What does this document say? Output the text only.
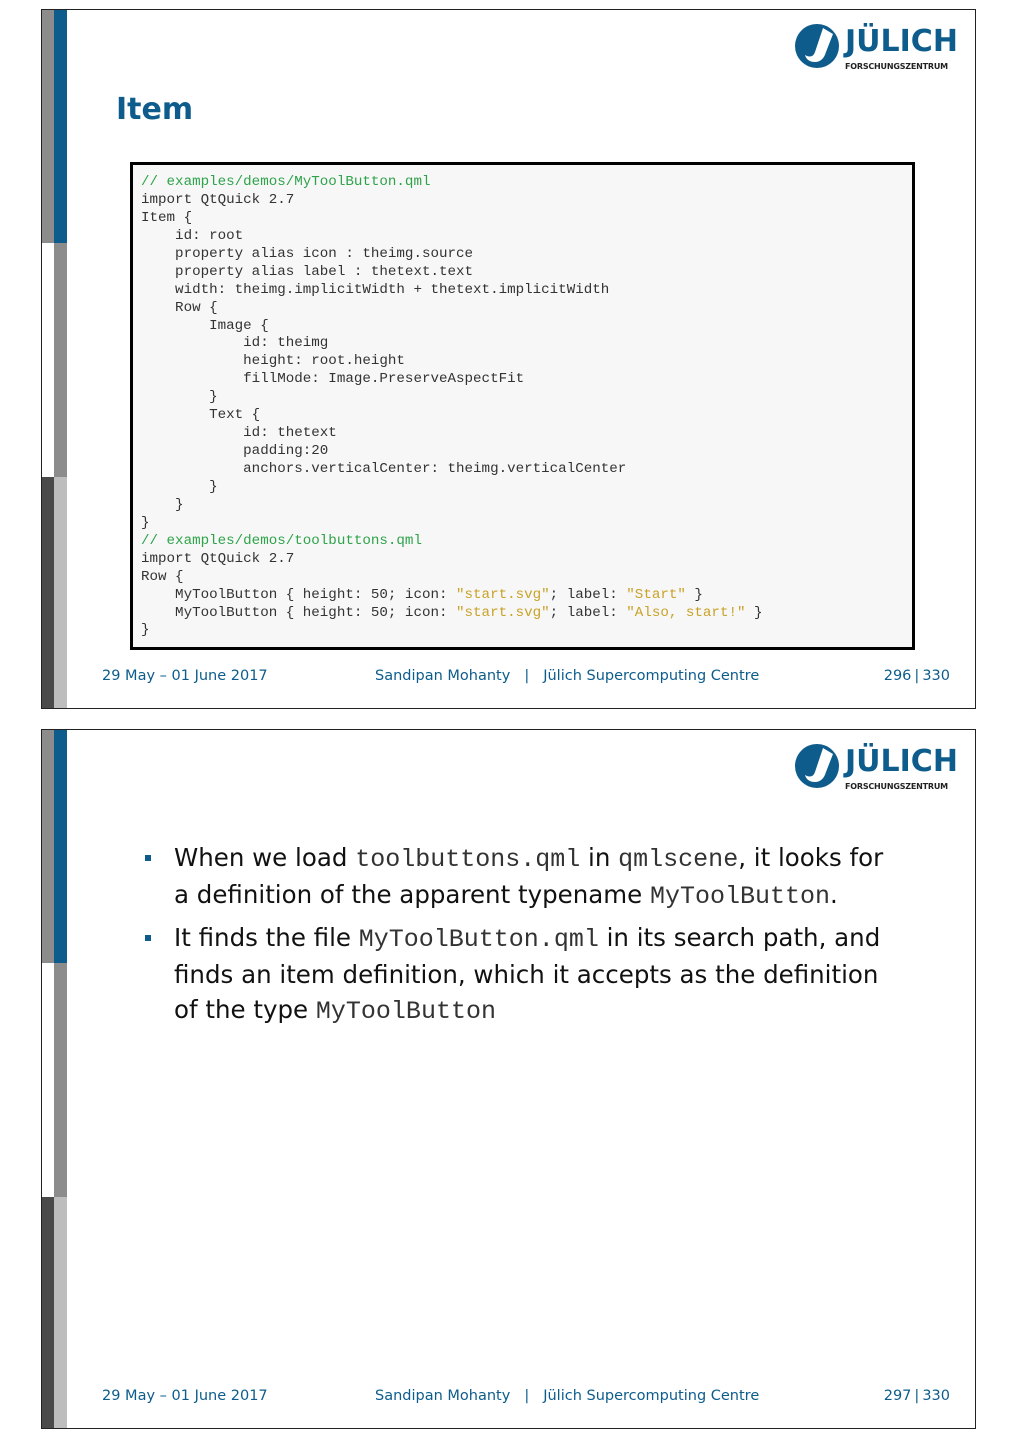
JÜLICH
FORSCHUNGSZENTRUM
Item
// examples/demos/MyToolButton.qml
import QtQuick 2.7
Item {
id: root
property alias icon : theimg.source
property alias label : thetext.text
width: theimg.implicitWidth + thetext.implicitWidth
Row {
Image {
id: theimg
height: root.height
fillMode: Image.PreserveAspectFit
}
Text {
id: thetext
padding:20
anchors.verticalCenter: theimg.verticalCenter
}
}
}
// examples/demos/toolbuttons.qml
import QtQuick 2.7
Row {
MyToolButton { height: 50; icon: "start.svg"; label: "Start" }
MyToolButton { height: 50; icon: "start.svg"; label: "Also, start!" }
}
29 May – 01 June 2017	Sandipan Mohanty | Jülich Supercomputing Centre	296 | 330
JÜLICH
FORSCHUNGSZENTRUM
When we load toolbuttons.qml in qmlscene, it looks for a definition of the apparent typename MyToolButton.
It finds the file MyToolButton.qml in its search path, and finds an item definition, which it accepts as the definition of the type MyToolButton
29 May – 01 June 2017	Sandipan Mohanty | Jülich Supercomputing Centre	297 | 330
